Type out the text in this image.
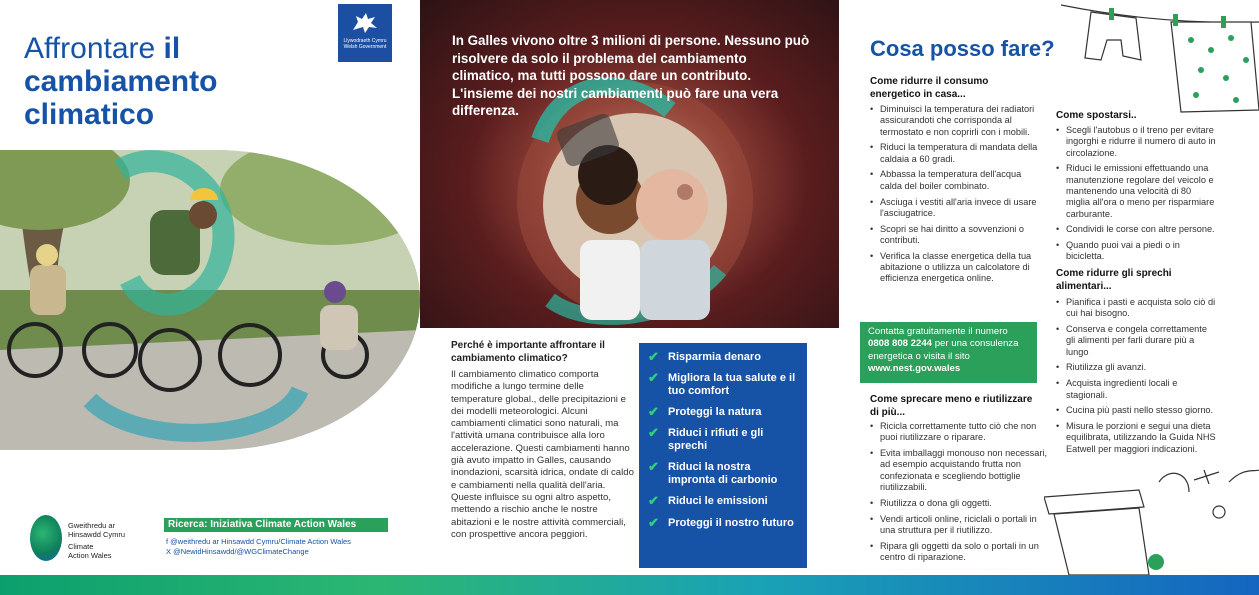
Affrontare il
cambiamento
climatico
Llywodraeth Cymru Welsh Government
Gweithredu ar
Hinsawdd Cymru
Climate
Action Wales
Ricerca: Iniziativa Climate Action Wales
f @weithredu ar Hinsawdd Cymru/Climate Action Wales
X @NewidHinsawdd/@WGClimateChange
In Galles vivono oltre 3 milioni di persone. Nessuno può risolvere da solo il problema del cambiamento climatico, ma tutti possono dare un contributo. L'insieme dei nostri cambiamenti può fare una vera differenza.
Perché è importante affrontare il cambiamento climatico?
Il cambiamento climatico comporta modifiche a lungo termine delle temperature global., delle precipitazioni e dei modelli meteorologici. Alcuni cambiamenti climatici sono naturali, ma l'attività umana contribuisce alla loro accelerazione. Questi cambiamenti hanno già avuto impatto in Galles, causando inondazioni, scarsità idrica, ondate di caldo e cambiamenti nella qualità dell'aria. Queste influisce su ogni altro aspetto, mettendo a rischio anche le nostre abitazioni e le nostre attività commerciali, con prospettive ancora peggiori.
✔ Risparmia denaro
✔ Migliora la tua salute e il tuo comfort
✔ Proteggi la natura
✔ Riduci i rifiuti e gli sprechi
✔ Riduci la nostra impronta di carbonio
✔ Riduci le emissioni
✔ Proteggi il nostro futuro
Cosa posso fare?
Come ridurre il consumo energetico in casa...
• Diminuisci la temperatura dei radiatori assicurandoti che corrisponda al termostato e non coprirli con i mobili.
• Riduci la temperatura di mandata della caldaia a 60 gradi.
• Abbassa la temperatura dell'acqua calda del boiler combinato.
• Asciuga i vestiti all'aria invece di usare l'asciugatrice.
• Scopri se hai diritto a sovvenzioni o contributi.
• Verifica la classe energetica della tua abitazione o utilizza un calcolatore di efficienza energetica online.
Contatta gratuitamente il numero 0808 808 2244 per una consulenza energetica o visita il sito www.nest.gov.wales
Come sprecare meno e riutilizzare di più...
• Ricicla correttamente tutto ciò che non puoi riutilizzare o riparare.
• Evita imballaggi monouso non necessari, ad esempio acquistando frutta non confezionata e scegliendo bottiglie riutilizzabili.
• Riutilizza o dona gli oggetti.
• Vendi articoli online, riciclali o portali in una struttura per il riutilizzo.
• Ripara gli oggetti da solo o portali in un centro di riparazione.
Come spostarsi..
• Scegli l'autobus o il treno per evitare ingorghi e ridurre il numero di auto in circolazione.
• Riduci le emissioni effettuando una manutenzione regolare del veicolo e mantenendo una velocità di 80 miglia all'ora o meno per risparmiare carburante.
• Condividi le corse con altre persone.
• Quando puoi vai a piedi o in bicicletta.
Come ridurre gli sprechi alimentari...
• Pianifica i pasti e acquista solo ciò di cui hai bisogno.
• Conserva e congela correttamente gli alimenti per farli durare più a lungo
• Riutilizza gli avanzi.
• Acquista ingredienti locali e stagionali.
• Cucina più pasti nello stesso giorno.
• Misura le porzioni e segui una dieta equilibrata, utilizzando la Guida NHS Eatwell per maggiori indicazioni.
